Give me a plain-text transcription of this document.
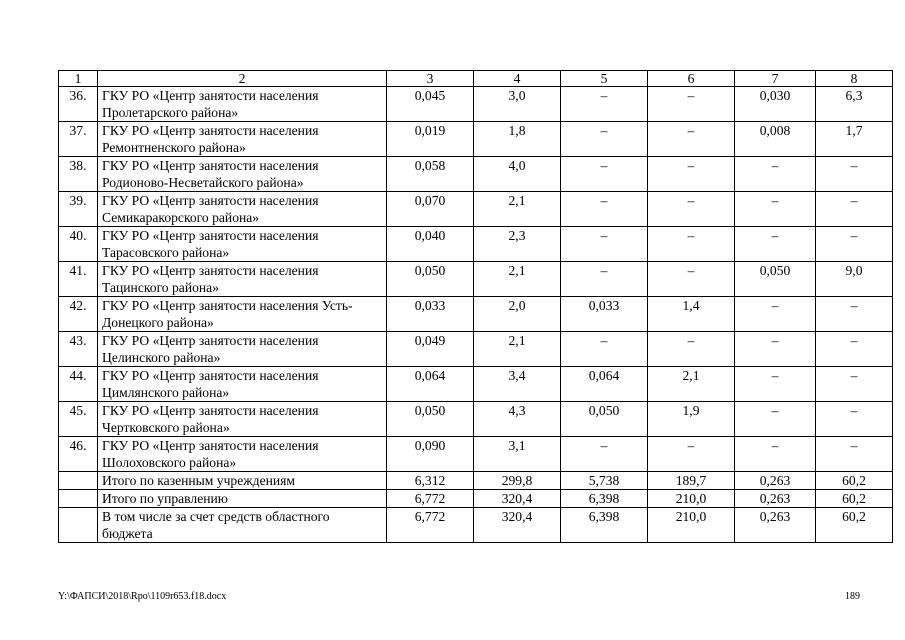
1	2	3	4	5	6	7	8
36.	ГКУ РО «Центр занятости населения Пролетарского района»	0,045	3,0	–	–	0,030	6,3
37.	ГКУ РО «Центр занятости населения Ремонтненского района»	0,019	1,8	–	–	0,008	1,7
38.	ГКУ РО «Центр занятости населения Родионово-Несветайского района»	0,058	4,0	–	–	–	–
39.	ГКУ РО «Центр занятости населения Семикаракорского района»	0,070	2,1	–	–	–	–
40.	ГКУ РО «Центр занятости населения Тарасовского района»	0,040	2,3	–	–	–	–
41.	ГКУ РО «Центр занятости населения Тацинского района»	0,050	2,1	–	–	0,050	9,0
42.	ГКУ РО «Центр занятости населения Усть-Донецкого района»	0,033	2,0	0,033	1,4	–	–
43.	ГКУ РО «Центр занятости населения Целинского района»	0,049	2,1	–	–	–	–
44.	ГКУ РО «Центр занятости населения Цимлянского района»	0,064	3,4	0,064	2,1	–	–
45.	ГКУ РО «Центр занятости населения Чертковского района»	0,050	4,3	0,050	1,9	–	–
46.	ГКУ РО «Центр занятости населения Шолоховского района»	0,090	3,1	–	–	–	–
	Итого по казенным учреждениям	6,312	299,8	5,738	189,7	0,263	60,2
	Итого по управлению	6,772	320,4	6,398	210,0	0,263	60,2
	В том числе за счет средств областного бюджета	6,772	320,4	6,398	210,0	0,263	60,2
Y:\ФАПСИ\2018\Rpo\1109r653.f18.docx	189
